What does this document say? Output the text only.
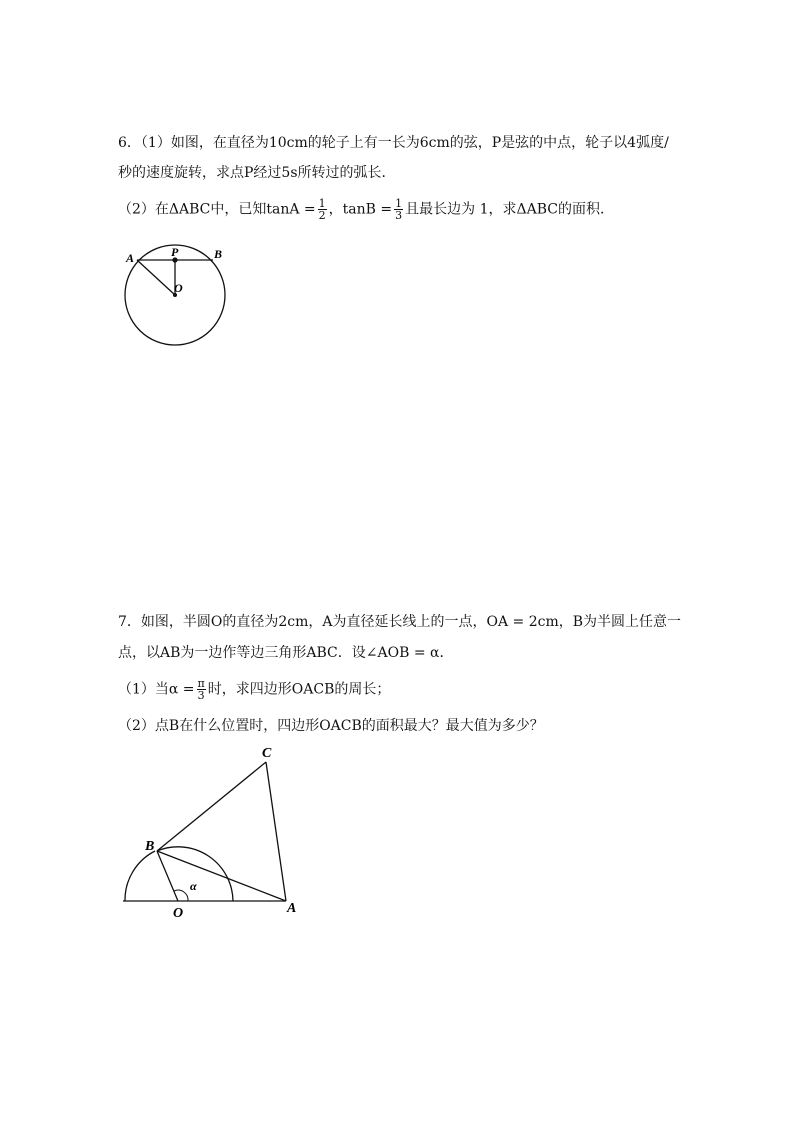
6．（1）如图，在直径为10cm的轮子上有一长为6cm的弦，P是弦的中点，轮子以4弧度/
秒的速度旋转，求点P经过5s所转过的弧长．
（2）在ΔABC中，已知$\tan A = \frac{1}{2}$ ，$\tan B = \frac{1}{3}$ 且最长边为 1，求ΔABC的面积．
A	P	B
O
7．如图，半圆O的直径为2cm，A为直径延长线上的一点，OA = 2cm，B为半圆上任意一
点，以AB为一边作等边三角形ABC．设∠AOB = α．
（1）当$\alpha = \frac{\pi}{3}$ 时，求四边形OACB的周长；
（2）点B在什么位置时，四边形OACB的面积最大？最大值为多少？
C
B
α
O	A
